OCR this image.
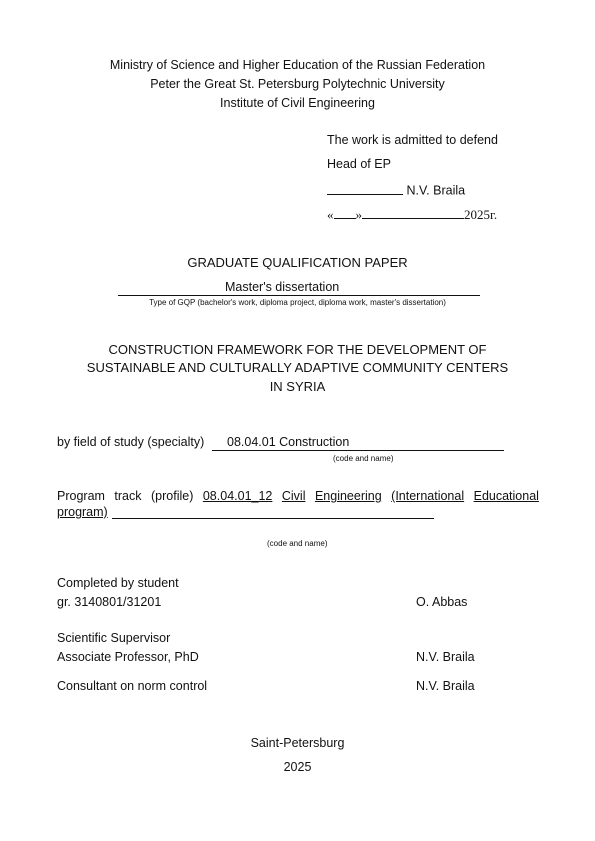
Ministry of Science and Higher Education of the Russian Federation
Peter the Great St. Petersburg Polytechnic University
Institute of Civil Engineering
The work is admitted to defend
Head of EP
N.V. Braila
« »	2025г.
GRADUATE QUALIFICATION PAPER
Master's dissertation
Type of GQP (bachelor's work, diploma project, diploma work, master's dissertation)
CONSTRUCTION FRAMEWORK FOR THE DEVELOPMENT OF
SUSTAINABLE AND CULTURALLY ADAPTIVE COMMUNITY CENTERS
IN SYRIA
by field of study (specialty) 08.04.01 Construction
(code and name)
Program track (profile) 08.04.01_12 Civil Engineering (International Educational
program)
(code and name)
Completed by student
gr. 3140801/31201	O. Abbas
Scientific Supervisor
Associate Professor, PhD	N.V. Braila
Consultant on norm control	N.V. Braila
Saint-Petersburg
2025
